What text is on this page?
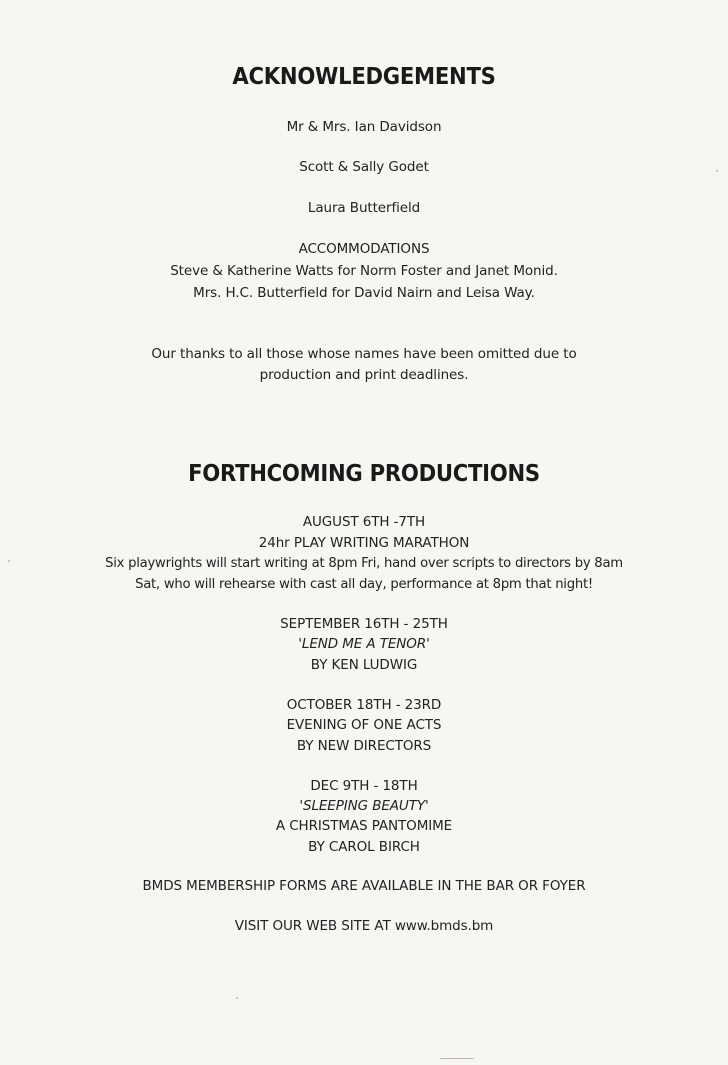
ACKNOWLEDGEMENTS
Mr & Mrs. Ian Davidson
Scott & Sally Godet
Laura Butterfield
ACCOMMODATIONS
Steve & Katherine Watts for Norm Foster and Janet Monid.
Mrs. H.C. Butterfield for David Nairn and Leisa Way.
Our thanks to all those whose names have been omitted due to
production and print deadlines.
FORTHCOMING PRODUCTIONS
AUGUST 6TH -7TH
24hr PLAY WRITING MARATHON
Six playwrights will start writing at 8pm Fri, hand over scripts to directors by 8am
Sat, who will rehearse with cast all day, performance at 8pm that night!
SEPTEMBER 16TH - 25TH
'LEND ME A TENOR'
BY KEN LUDWIG
OCTOBER 18TH - 23RD
EVENING OF ONE ACTS
BY NEW DIRECTORS
DEC 9TH - 18TH
'SLEEPING BEAUTY'
A CHRISTMAS PANTOMIME
BY CAROL BIRCH
BMDS MEMBERSHIP FORMS ARE AVAILABLE IN THE BAR OR FOYER
VISIT OUR WEB SITE AT www.bmds.bm
